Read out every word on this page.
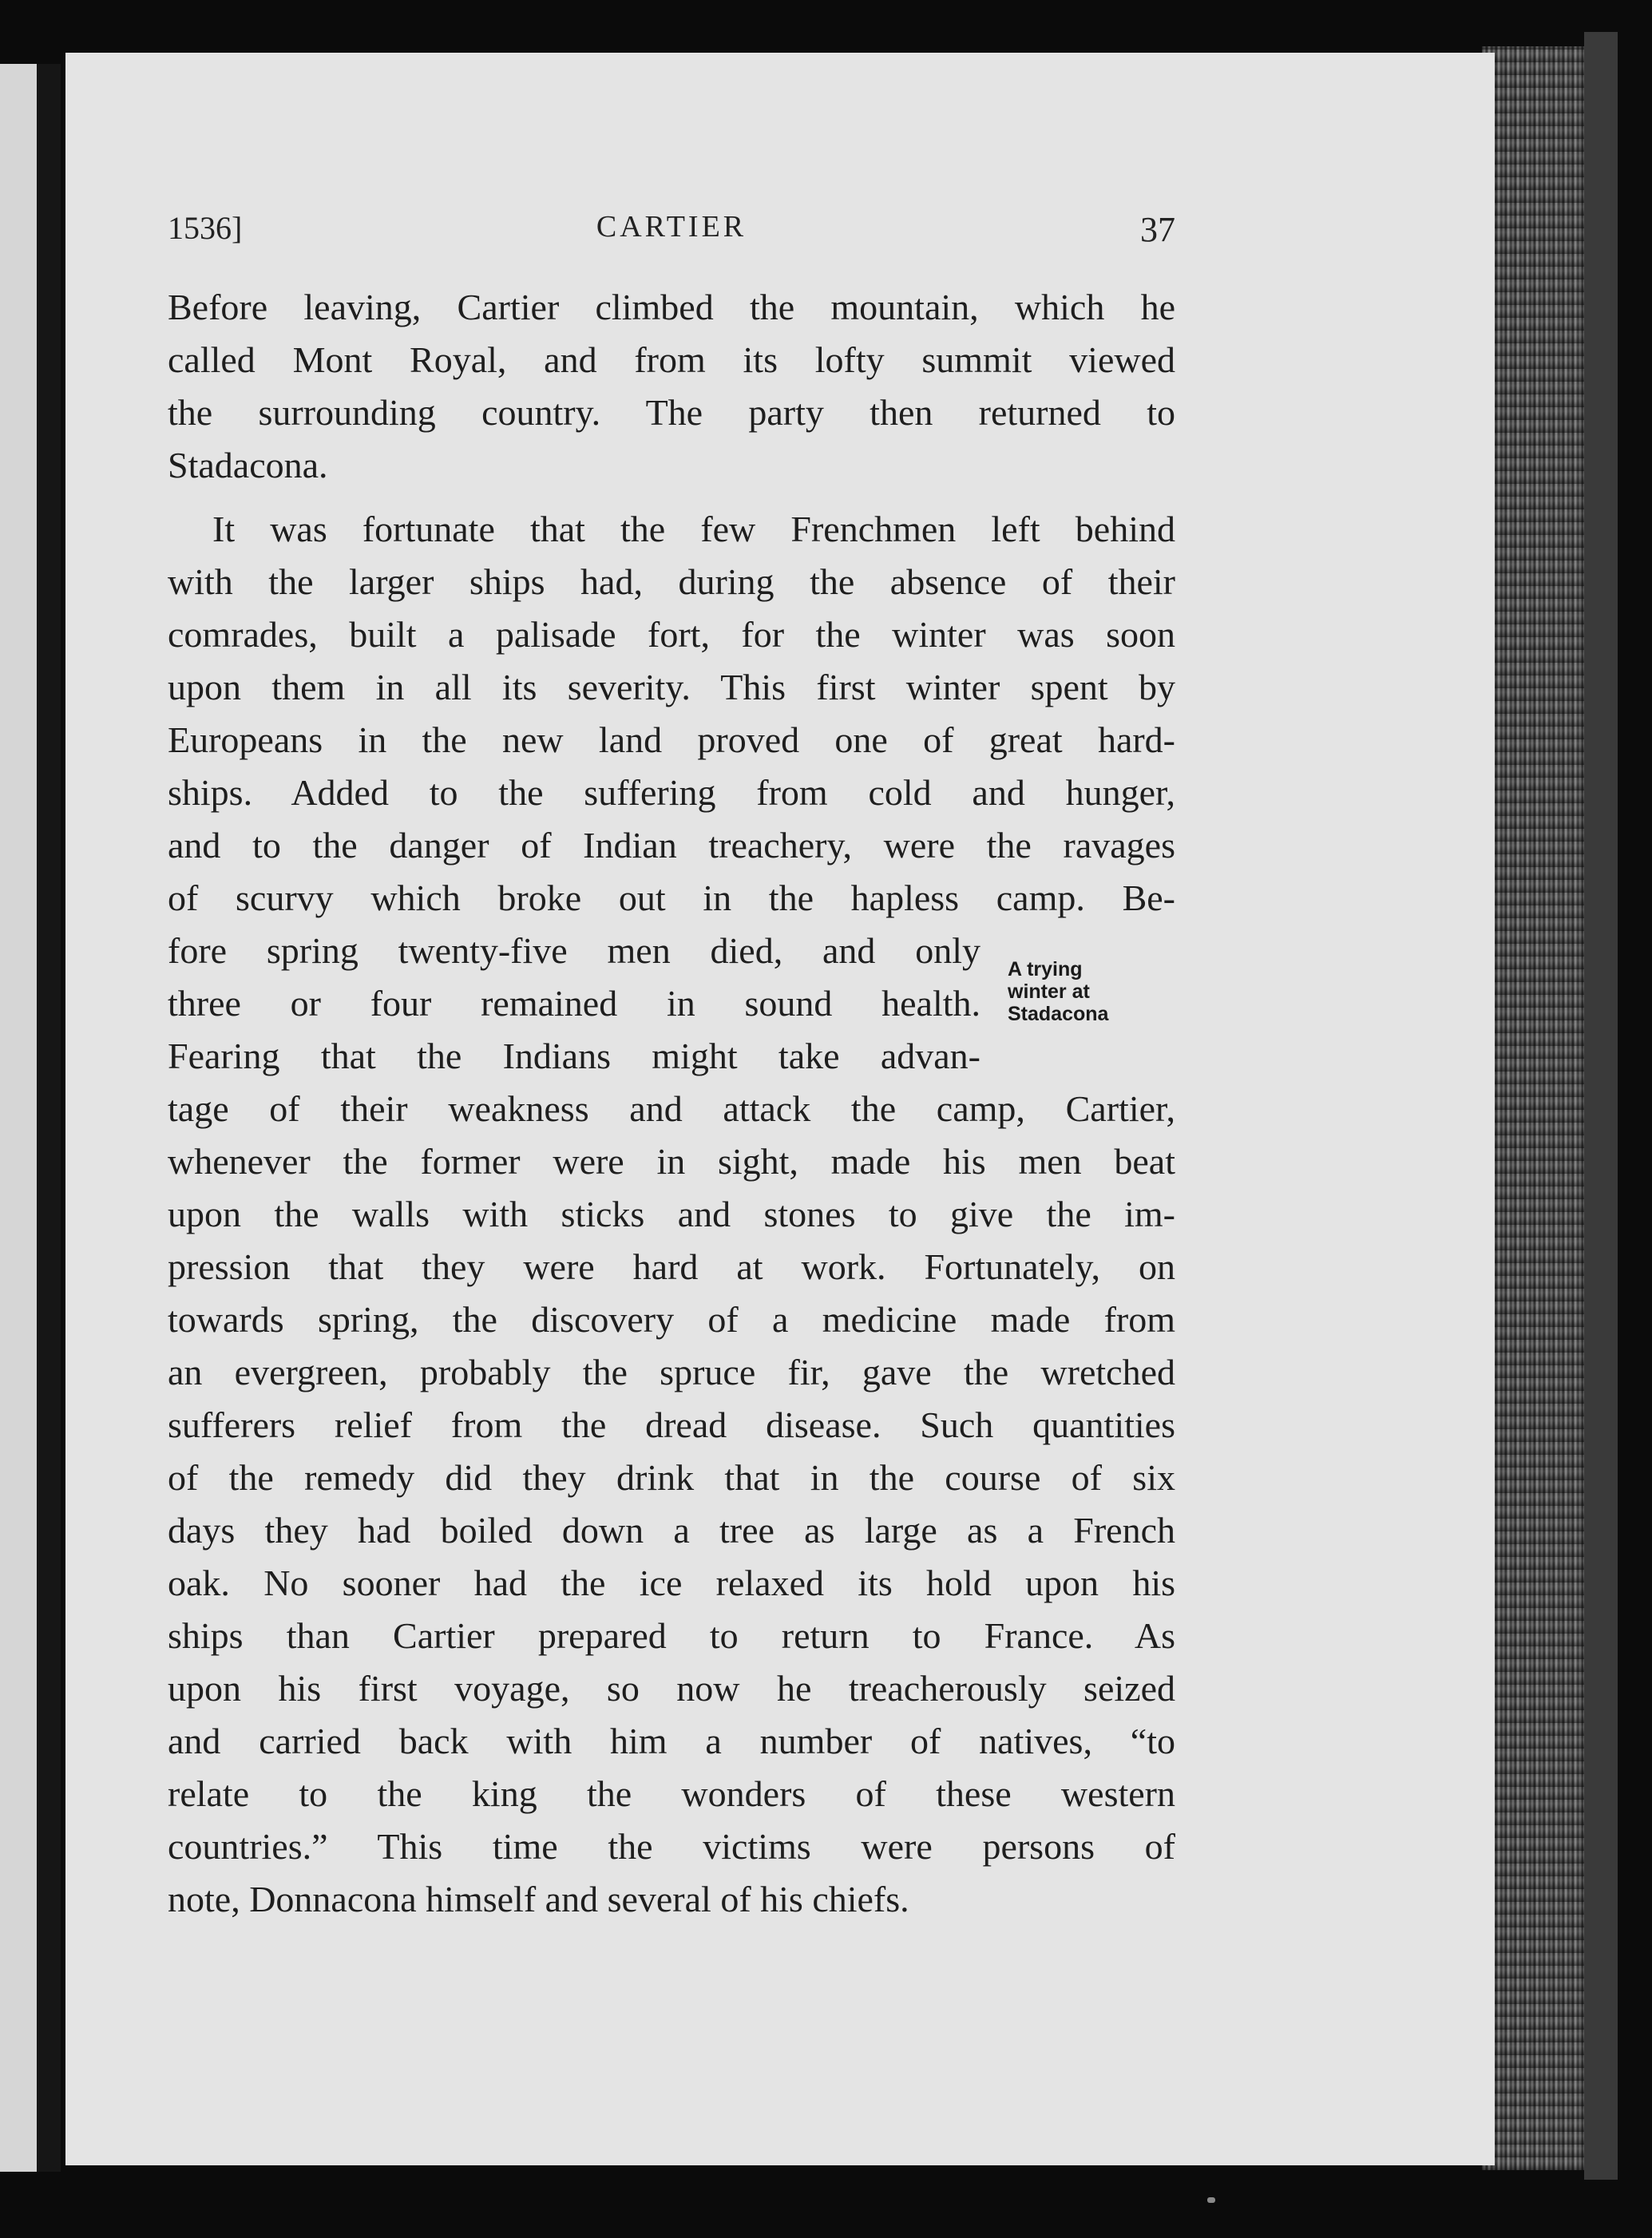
1536]	CARTIER	37
Before leaving, Cartier climbed the mountain, which he
called Mont Royal, and from its lofty summit viewed
the surrounding country. The party then returned to
Stadacona.
It was fortunate that the few Frenchmen left behind
with the larger ships had, during the absence of their
comrades, built a palisade fort, for the winter was soon
upon them in all its severity. This first winter spent by
Europeans in the new land proved one of great hard-
ships. Added to the suffering from cold and hunger,
and to the danger of Indian treachery, were the ravages
of scurvy which broke out in the hapless camp. Be-
fore spring twenty-five men died, and only
three or four remained in sound health.
Fearing that the Indians might take advan-
tage of their weakness and attack the camp, Cartier,
whenever the former were in sight, made his men beat
upon the walls with sticks and stones to give the im-
pression that they were hard at work. Fortunately, on
towards spring, the discovery of a medicine made from
an evergreen, probably the spruce fir, gave the wretched
sufferers relief from the dread disease. Such quantities
of the remedy did they drink that in the course of six
days they had boiled down a tree as large as a French
oak. No sooner had the ice relaxed its hold upon his
ships than Cartier prepared to return to France. As
upon his first voyage, so now he treacherously seized
and carried back with him a number of natives, “to
relate to the king the wonders of these western
countries.” This time the victims were persons of
note, Donnacona himself and several of his chiefs.
A trying
winter at
Stadacona
